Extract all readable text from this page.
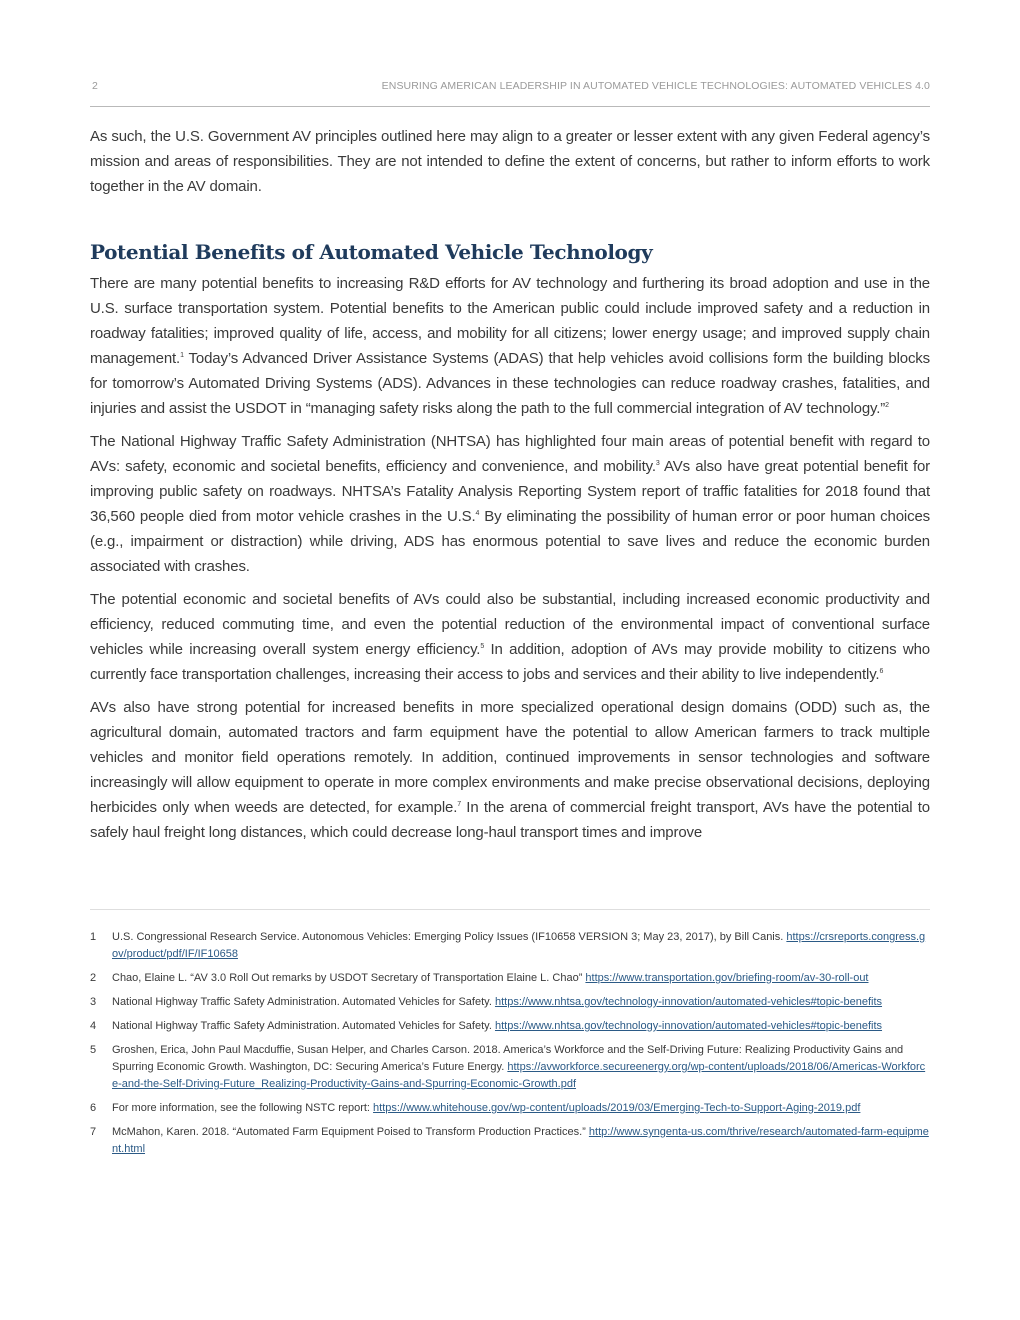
2	ENSURING AMERICAN LEADERSHIP IN AUTOMATED VEHICLE TECHNOLOGIES: AUTOMATED VEHICLES 4.0

As such, the U.S. Government AV principles outlined here may align to a greater or lesser extent with any given Federal agency’s mission and areas of responsibilities. They are not intended to define the extent of concerns, but rather to inform efforts to work together in the AV domain.

Potential Benefits of Automated Vehicle Technology

There are many potential benefits to increasing R&D efforts for AV technology and furthering its broad adoption and use in the U.S. surface transportation system. Potential benefits to the American public could include improved safety and a reduction in roadway fatalities; improved quality of life, access, and mobility for all citizens; lower energy usage; and improved supply chain management.$^1$ Today’s Advanced Driver Assistance Systems (ADAS) that help vehicles avoid collisions form the building blocks for tomorrow’s Automated Driving Systems (ADS). Advances in these technologies can reduce roadway crashes, fatalities, and injuries and assist the USDOT in “managing safety risks along the path to the full commercial integration of AV technology.”$^2$

The National Highway Traffic Safety Administration (NHTSA) has highlighted four main areas of potential benefit with regard to AVs: safety, economic and societal benefits, efficiency and convenience, and mobility.$^3$ AVs also have great potential benefit for improving public safety on roadways. NHTSA’s Fatality Analysis Reporting System report of traffic fatalities for 2018 found that 36,560 people died from motor vehicle crashes in the U.S.$^4$ By eliminating the possibility of human error or poor human choices (e.g., impairment or distraction) while driving, ADS has enormous potential to save lives and reduce the economic burden associated with crashes.

The potential economic and societal benefits of AVs could also be substantial, including increased economic productivity and efficiency, reduced commuting time, and even the potential reduction of the environmental impact of conventional surface vehicles while increasing overall system energy efficiency.$^5$ In addition, adoption of AVs may provide mobility to citizens who currently face transportation challenges, increasing their access to jobs and services and their ability to live independently.$^6$

AVs also have strong potential for increased benefits in more specialized operational design domains (ODD) such as, the agricultural domain, automated tractors and farm equipment have the potential to allow American farmers to track multiple vehicles and monitor field operations remotely. In addition, continued improvements in sensor technologies and software increasingly will allow equipment to operate in more complex environments and make precise observational decisions, deploying herbicides only when weeds are detected, for example.$^7$ In the arena of commercial freight transport, AVs have the potential to safely haul freight long distances, which could decrease long-haul transport times and improve

1 U.S. Congressional Research Service. Autonomous Vehicles: Emerging Policy Issues (IF10658 VERSION 3; May 23, 2017), by Bill Canis. https://crsreports.congress.gov/product/pdf/IF/IF10658
2 Chao, Elaine L. “AV 3.0 Roll Out remarks by USDOT Secretary of Transportation Elaine L. Chao” https://www.transportation.gov/briefing-room/av-30-roll-out
3 National Highway Traffic Safety Administration. Automated Vehicles for Safety. https://www.nhtsa.gov/technology-innovation/automated-vehicles#topic-benefits
4 National Highway Traffic Safety Administration. Automated Vehicles for Safety. https://www.nhtsa.gov/technology-innovation/automated-vehicles#topic-benefits
5 Groshen, Erica, John Paul Macduffie, Susan Helper, and Charles Carson. 2018. America’s Workforce and the Self-Driving Future: Realizing Productivity Gains and Spurring Economic Growth. Washington, DC: Securing America’s Future Energy. https://avworkforce.secureenergy.org/wp-content/uploads/2018/06/Americas-Workforce-and-the-Self-Driving-Future_Realizing-Productivity-Gains-and-Spurring-Economic-Growth.pdf
6 For more information, see the following NSTC report: https://www.whitehouse.gov/wp-content/uploads/2019/03/Emerging-Tech-to-Support-Aging-2019.pdf
7 McMahon, Karen. 2018. “Automated Farm Equipment Poised to Transform Production Practices.” http://www.syngenta-us.com/thrive/research/automated-farm-equipment.html
